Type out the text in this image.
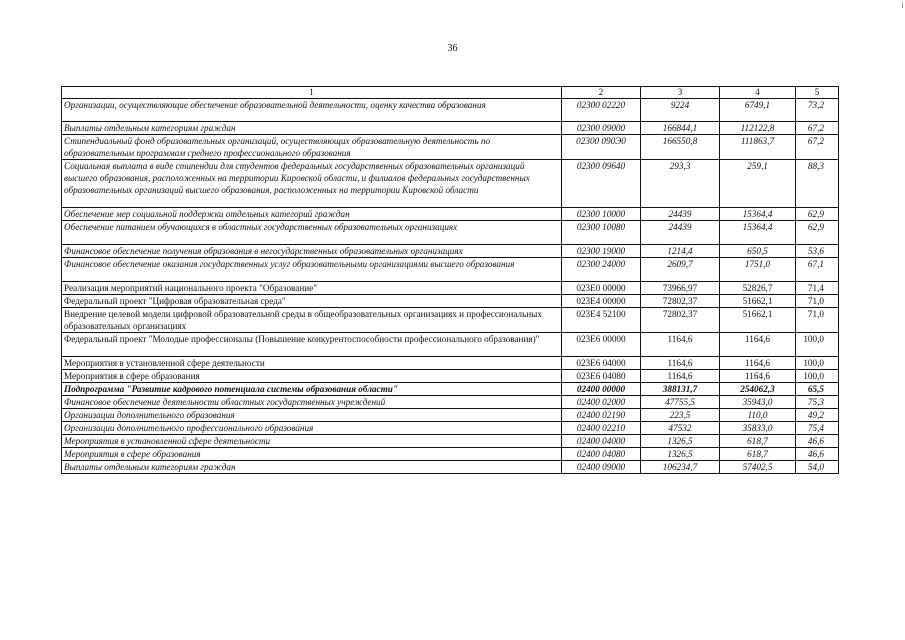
36
1	2	3	4	5
Организации, осуществляющие обеспечение образовательной деятельности, оценку качества образования	02300 02220	9224	6749,1	73,2
Выплаты отдельным категориям граждан	02300 09000	166844,1	112122,8	67,2
Стипендиальный фонд образовательных организаций, осуществляющих образовательную деятельность по образовательным программам среднего профессионального образования	02300 090Э0	166550,8	111863,7	67,2
Социальная выплата в виде стипендии для студентов федеральных государственных образовательных организаций высшего образования, расположенных на территории Кировской области, и филиалов федеральных государственных образовательных организаций высшего образования, расположенных на территории Кировской области	02300 09640	293,3	259,1	88,3
Обеспечение мер социальной поддержки отдельных категорий граждан	02300 10000	24439	15364,4	62,9
Обеспечение питанием обучающихся в областных государственных образовательных организациях	02300 10080	24439	15364,4	62,9
Финансовое обеспечение получения образования в негосударственных образовательных организациях	02300 19000	1214,4	650,5	53,6
Финансовое обеспечение оказания государственных услуг образовательными организациями высшего образования	02300 24000	2609,7	1751,0	67,1
Реализация мероприятий национального проекта "Образование"	023E0 00000	73966,97	52826,7	71,4
Федеральный проект "Цифровая образовательная среда"	023E4 00000	72802,37	51662,1	71,0
Внедрение целевой модели цифровой образовательной среды в общеобразовательных организациях и профессиональных образовательных организациях	023E4 52100	72802,37	51662,1	71,0
Федеральный проект "Молодые профессионалы (Повышение конкурентоспособности профессионального образования)"	023E6 00000	1164,6	1164,6	100,0
Мероприятия в установленной сфере деятельности	023E6 04000	1164,6	1164,6	100,0
Мероприятия в сфере образования	023E6 04080	1164,6	1164,6	100,0
Подпрограмма "Развитие кадрового потенциала системы образования области"	02400 00000	388131,7	254062,3	65,5
Финансовое обеспечение деятельности областных государственных учреждений	02400 02000	47755,5	35943,0	75,3
Организации дополнительного образования	02400 02190	223,5	110,0	49,2
Организации дополнительного профессионального образования	02400 02210	47532	35833,0	75,4
Мероприятия в установленной сфере деятельности	02400 04000	1326,5	618,7	46,6
Мероприятия в сфере образования	02400 04080	1326,5	618,7	46,6
Выплаты отдельным категориям граждан	02400 09000	106234,7	57402,5	54,0
